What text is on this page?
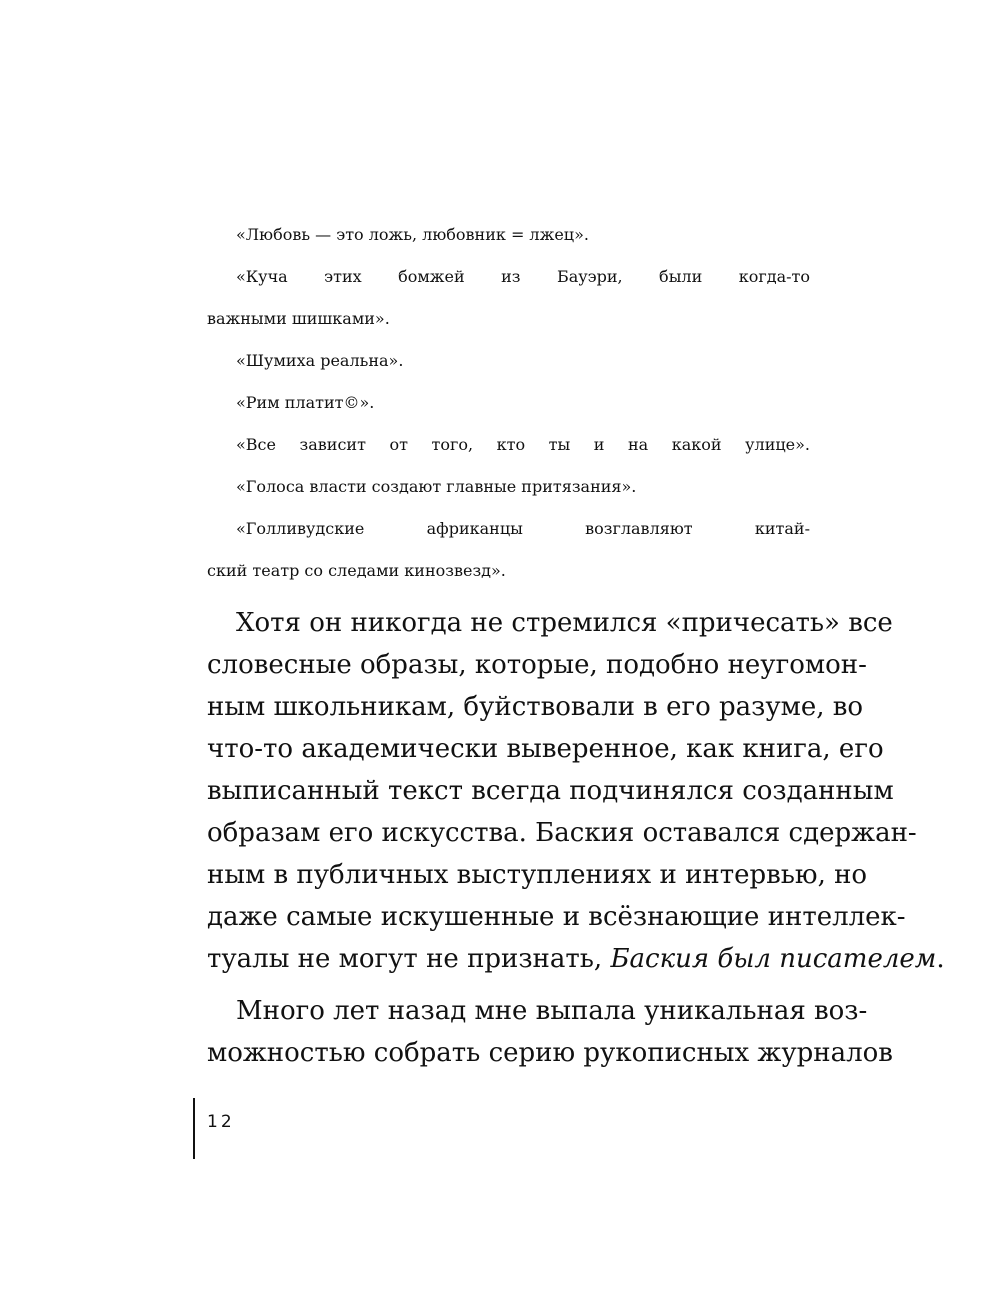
«Любовь — это ложь, любовник = лжец».
«Куча этих бомжей из Бауэри, были когда-то
важными шишками».
«Шумиха реальна».
«Рим платит©».
«Все зависит от того, кто ты и на какой улице».
«Голоса власти создают главные притязания».
«Голливудские африканцы возглавляют китай-
ский театр со следами кинозвезд».
Хотя он никогда не стремился «причесать» все
словесные образы, которые, подобно неугомон-
ным школьникам, буйствовали в его разуме, во
что-то академически выверенное, как книга, его
выписанный текст всегда подчинялся созданным
образам его искусства. Баския оставался сдержан-
ным в публичных выступлениях и интервью, но
даже самые искушенные и всёзнающие интеллек-
туалы не могут не признать, Баския был писателем.
Много лет назад мне выпала уникальная воз-
можностью собрать серию рукописных журналов
12
